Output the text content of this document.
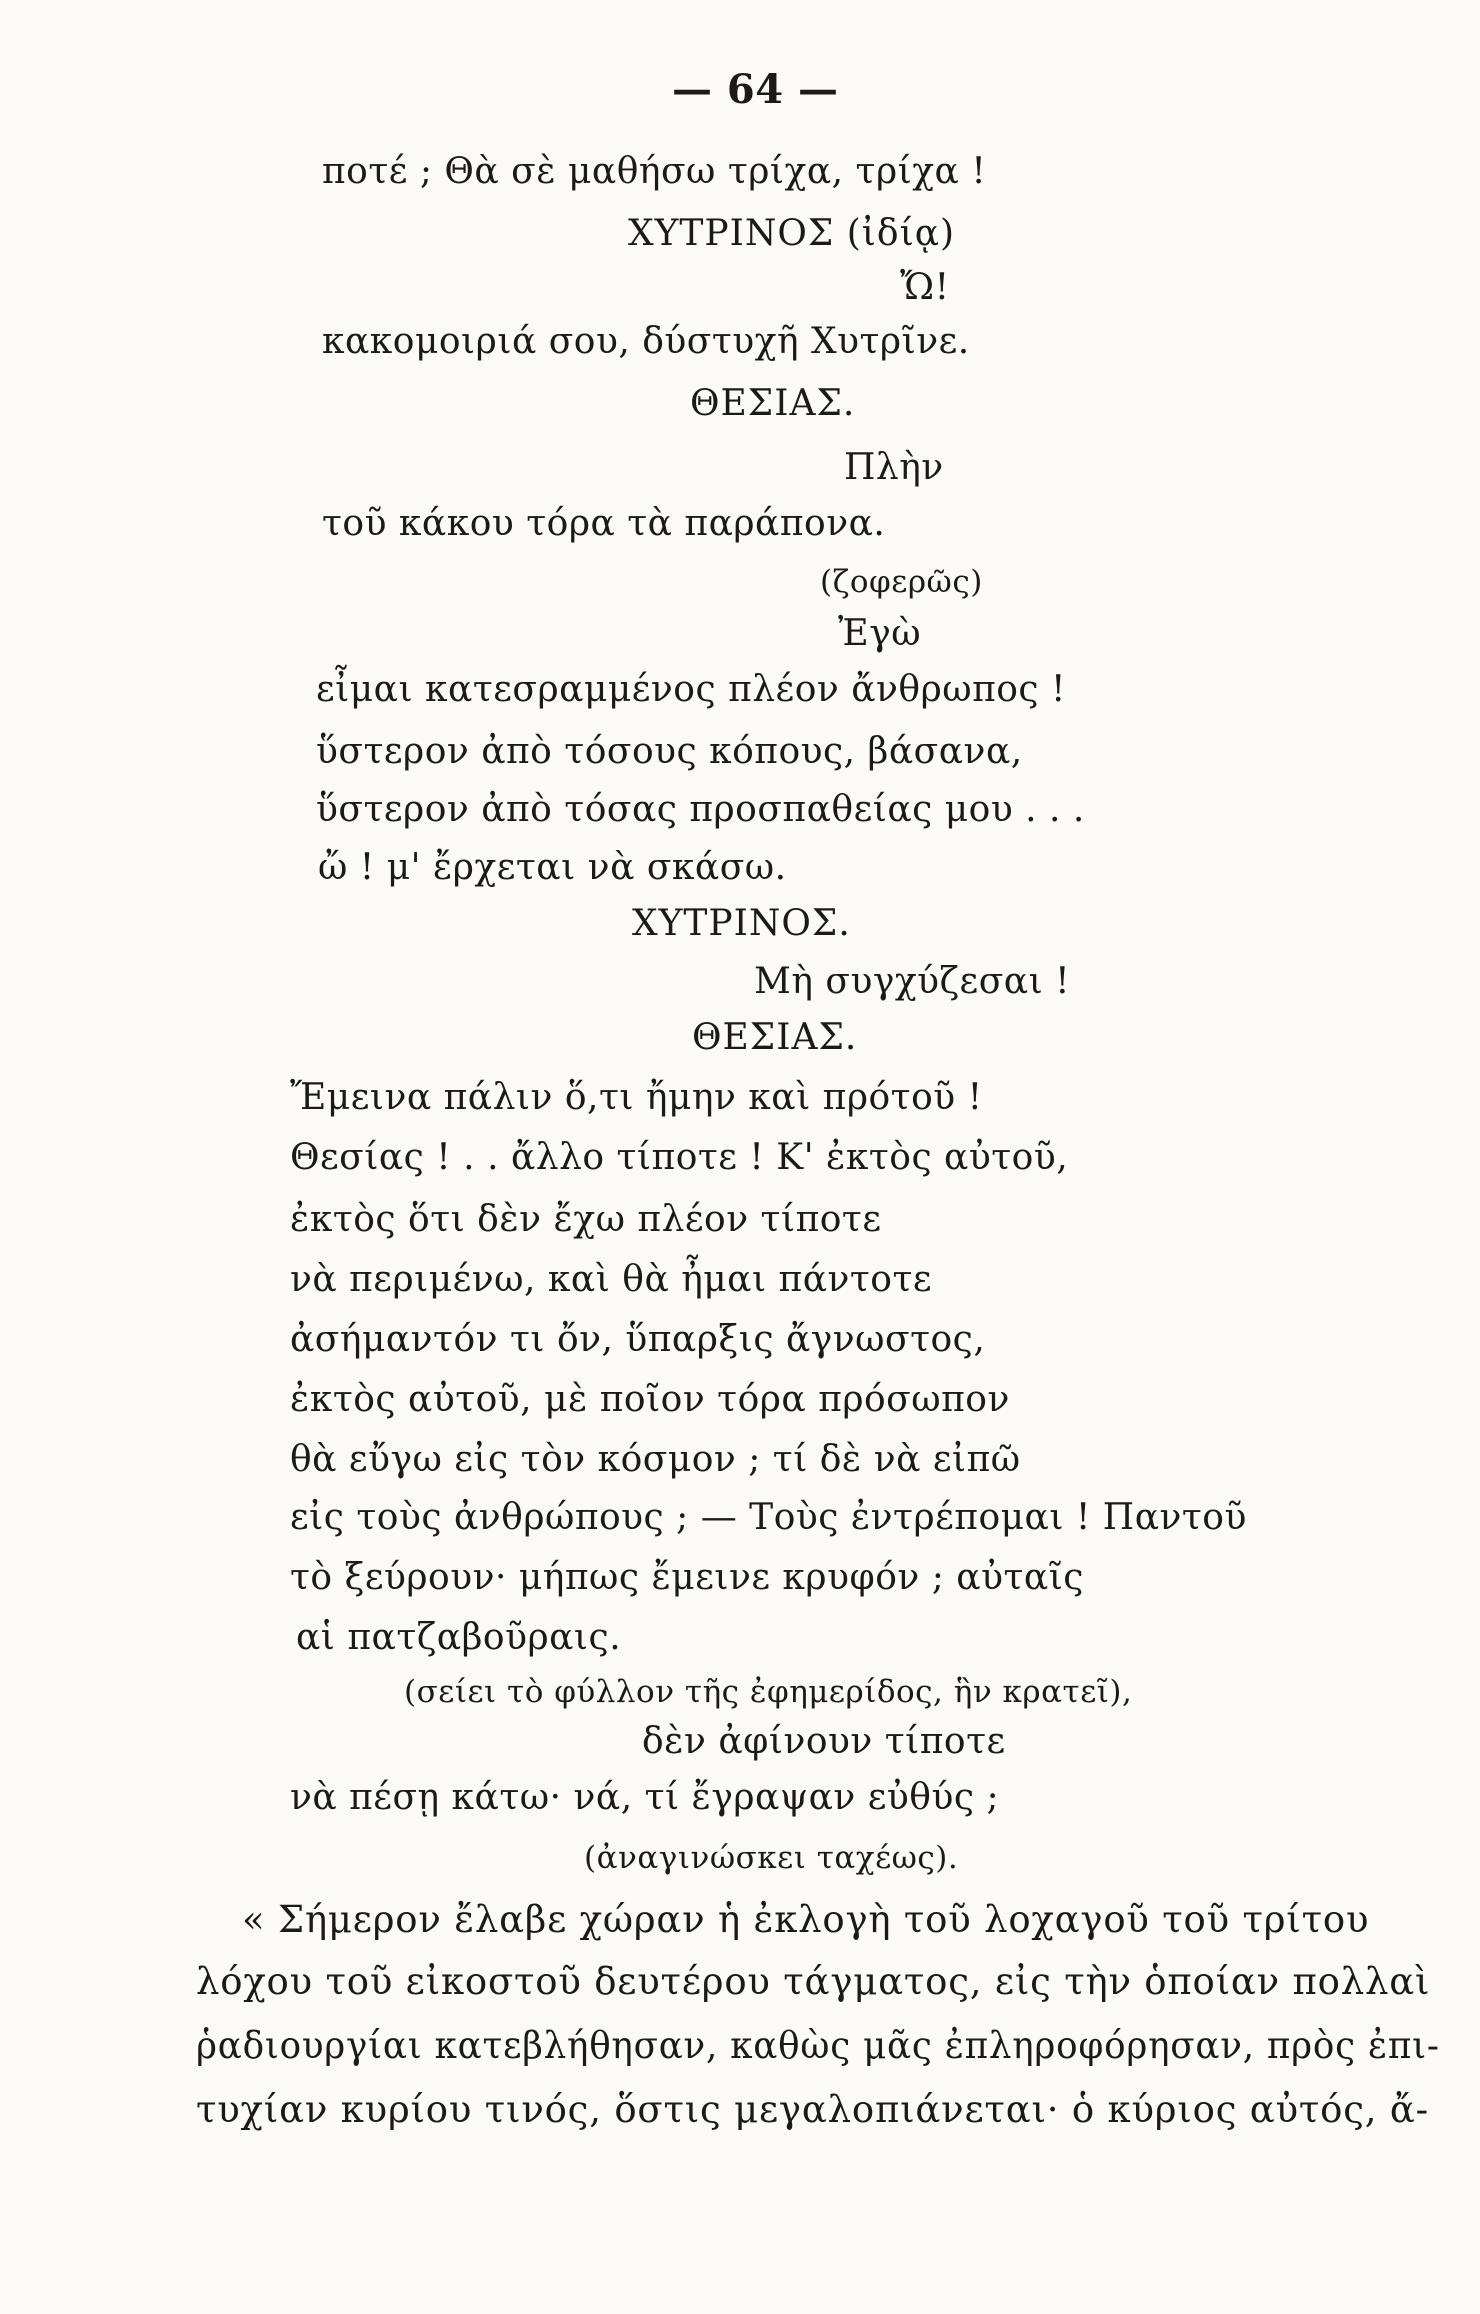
— 64 —
ποτέ ; Θὰ σὲ μαθήσω τρίχα, τρίχα !
ΧΥΤΡΙΝΟΣ (ἰδίᾳ)
Ὤ!
κακομοιριά σου, δύστυχῆ Χυτρῖνε.
ΘΕΣΙΑΣ.
Πλὴν
τοῦ κάκου τόρα τὰ παράπονα.
(ζοφερῶς)
Ἐγὼ
εἶμαι κατεσραμμένος πλέον ἄνθρωπος !
ὕστερον ἀπὸ τόσους κόπους, βάσανα,
ὕστερον ἀπὸ τόσας προσπαθείας μου . . .
ὤ ! μ' ἔρχεται νὰ σκάσω.
ΧΥΤΡΙΝΟΣ.
Μὴ συγχύζεσαι !
ΘΕΣΙΑΣ.
Ἔμεινα πάλιν ὅ,τι ἤμην καὶ πρότοῦ !
Θεσίας ! . . ἄλλο τίποτε ! Κ' ἐκτὸς αὐτοῦ,
ἐκτὸς ὅτι δὲν ἔχω πλέον τίποτε
νὰ περιμένω, καὶ θὰ ἦμαι πάντοτε
ἀσήμαντόν τι ὄν, ὕπαρξις ἄγνωστος,
ἐκτὸς αὐτοῦ, μὲ ποῖον τόρα πρόσωπον
θὰ εὔγω εἰς τὸν κόσμον ; τί δὲ νὰ εἰπῶ
εἰς τοὺς ἀνθρώπους ; — Τοὺς ἐντρέπομαι ! Παντοῦ
τὸ ξεύρουν· μήπως ἔμεινε κρυφόν ; αὐταῖς
αἱ πατζαβοῦραις.
(σείει τὸ φύλλον τῆς ἐφημερίδος, ἣν κρατεῖ),
δὲν ἀφίνουν τίποτε
νὰ πέσῃ κάτω· νά, τί ἔγραψαν εὐθύς ;
(ἀναγινώσκει ταχέως).
« Σήμερον ἔλαβε χώραν ἡ ἐκλογὴ τοῦ λοχαγοῦ τοῦ τρίτου
λόχου τοῦ εἰκοστοῦ δευτέρου τάγματος, εἰς τὴν ὁποίαν πολλαὶ
ῥαδιουργίαι κατεβλήθησαν, καθὼς μᾶς ἐπληροφόρησαν, πρὸς ἐπι-
τυχίαν κυρίου τινός, ὅστις μεγαλοπιάνεται· ὁ κύριος αὐτός, ἄ-
